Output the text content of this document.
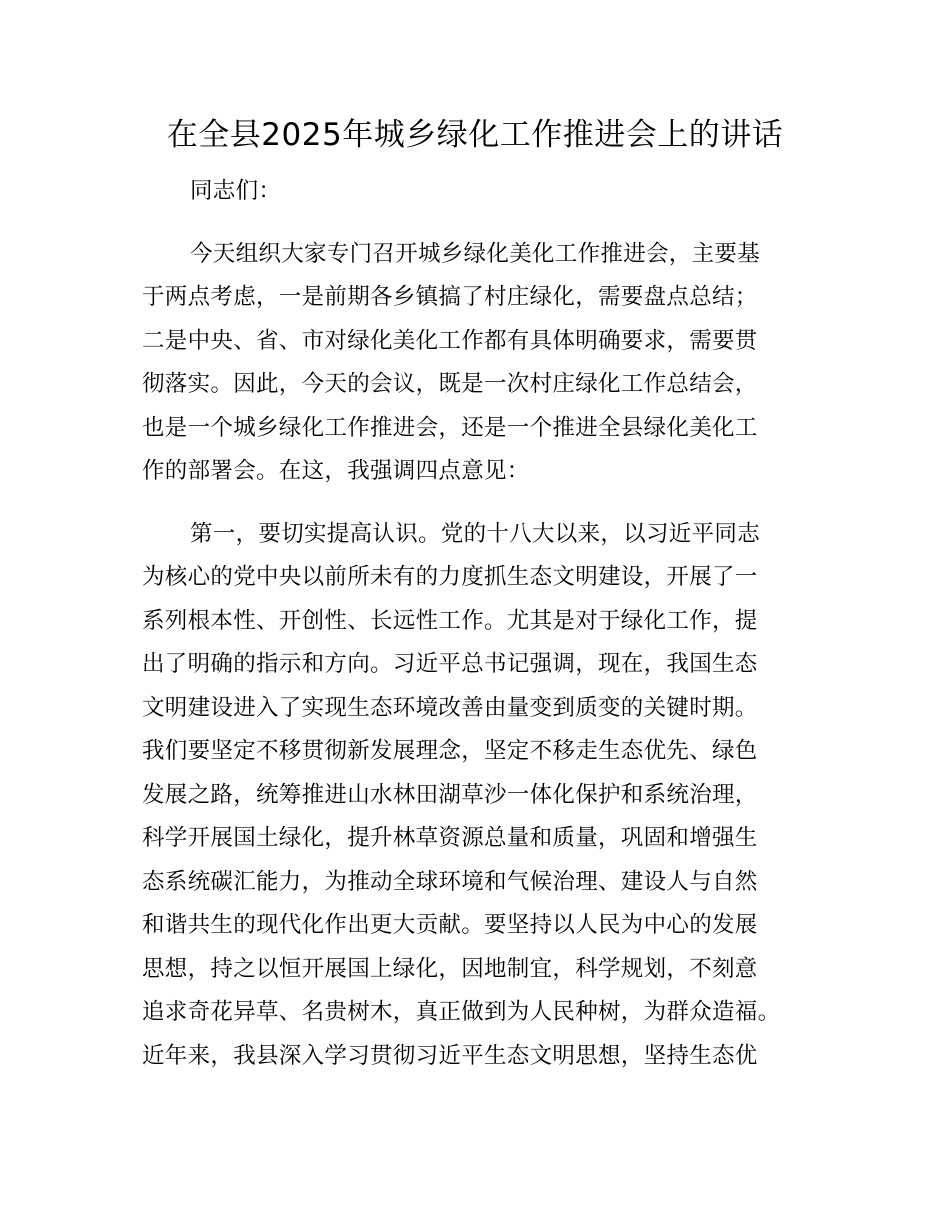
在全县2025年城乡绿化工作推进会上的讲话
同志们：
今天组织大家专门召开城乡绿化美化工作推进会，主要基
于两点考虑，一是前期各乡镇搞了村庄绿化，需要盘点总结；
二是中央、省、市对绿化美化工作都有具体明确要求，需要贯
彻落实。因此，今天的会议，既是一次村庄绿化工作总结会，
也是一个城乡绿化工作推进会，还是一个推进全县绿化美化工
作的部署会。在这，我强调四点意见：
第一，要切实提高认识。党的十八大以来，以习近平同志
为核心的党中央以前所未有的力度抓生态文明建设，开展了一
系列根本性、开创性、长远性工作。尤其是对于绿化工作，提
出了明确的指示和方向。习近平总书记强调，现在，我国生态
文明建设进入了实现生态环境改善由量变到质变的关键时期。
我们要坚定不移贯彻新发展理念，坚定不移走生态优先、绿色
发展之路，统筹推进山水林田湖草沙一体化保护和系统治理，
科学开展国土绿化，提升林草资源总量和质量，巩固和增强生
态系统碳汇能力，为推动全球环境和气候治理、建设人与自然
和谐共生的现代化作出更大贡献。要坚持以人民为中心的发展
思想，持之以恒开展国上绿化，因地制宜，科学规划，不刻意
追求奇花异草、名贵树木，真正做到为人民种树，为群众造福。
近年来，我县深入学习贯彻习近平生态文明思想，坚持生态优
